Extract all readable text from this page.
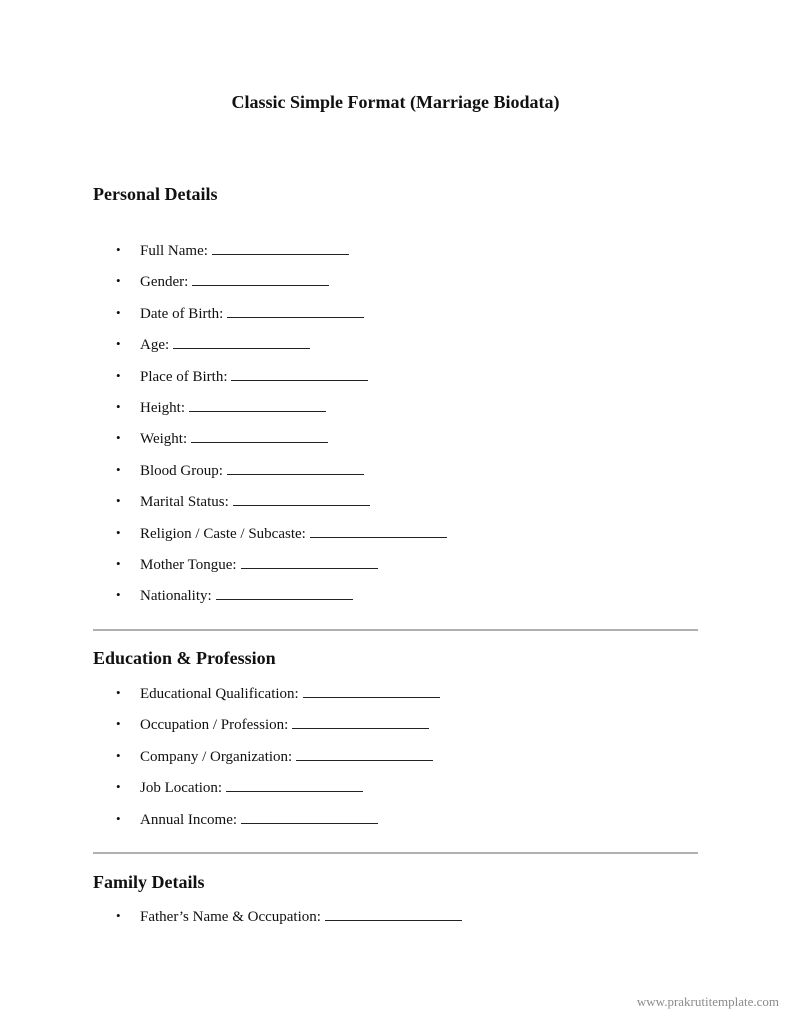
Classic Simple Format (Marriage Biodata)
Personal Details
• Full Name:
• Gender:
• Date of Birth:
• Age:
• Place of Birth:
• Height:
• Weight:
• Blood Group:
• Marital Status:
• Religion / Caste / Subcaste:
• Mother Tongue:
• Nationality:
Education & Profession
• Educational Qualification:
• Occupation / Profession:
• Company / Organization:
• Job Location:
• Annual Income:
Family Details
• Father’s Name & Occupation:

www.prakrutitemplate.com
